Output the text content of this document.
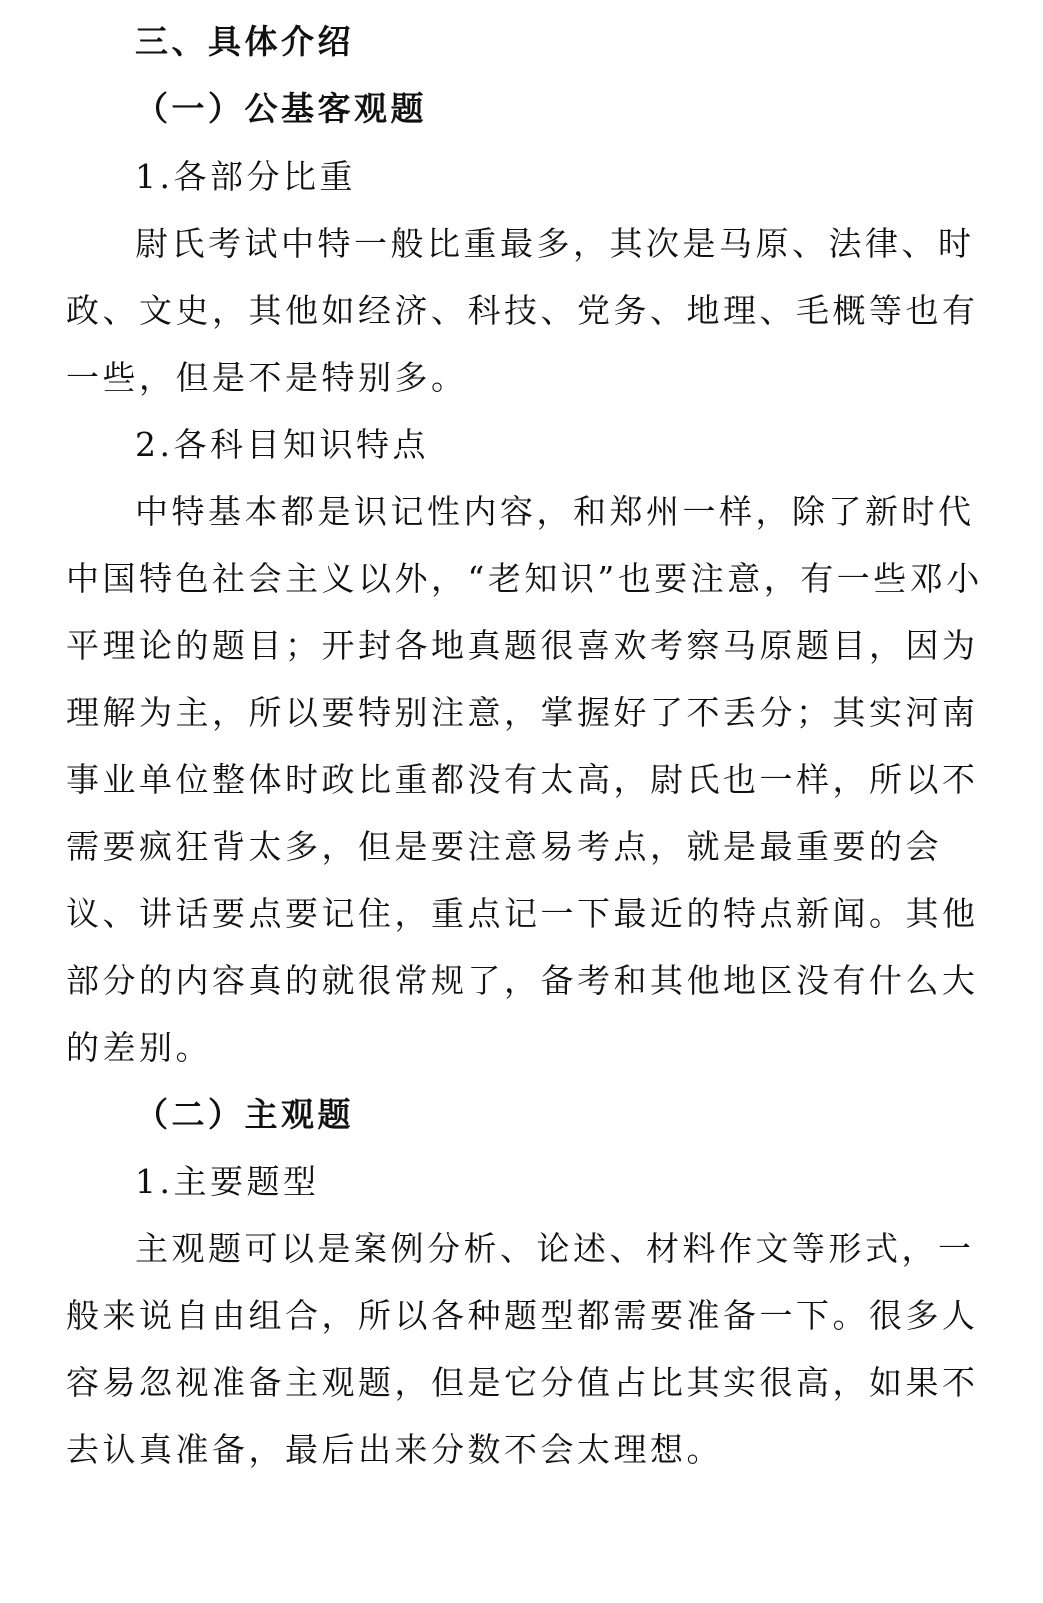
三、具体介绍
（一）公基客观题
1.各部分比重
尉氏考试中特一般比重最多，其次是马原、法律、时
政、文史，其他如经济、科技、党务、地理、毛概等也有
一些，但是不是特别多。
2.各科目知识特点
中特基本都是识记性内容，和郑州一样，除了新时代
中国特色社会主义以外，“老知识”也要注意，有一些邓小
平理论的题目；开封各地真题很喜欢考察马原题目，因为
理解为主，所以要特别注意，掌握好了不丢分；其实河南
事业单位整体时政比重都没有太高，尉氏也一样，所以不
需要疯狂背太多，但是要注意易考点，就是最重要的会
议、讲话要点要记住，重点记一下最近的特点新闻。其他
部分的内容真的就很常规了，备考和其他地区没有什么大
的差别。
（二）主观题
1.主要题型
主观题可以是案例分析、论述、材料作文等形式，一
般来说自由组合，所以各种题型都需要准备一下。很多人
容易忽视准备主观题，但是它分值占比其实很高，如果不
去认真准备，最后出来分数不会太理想。
